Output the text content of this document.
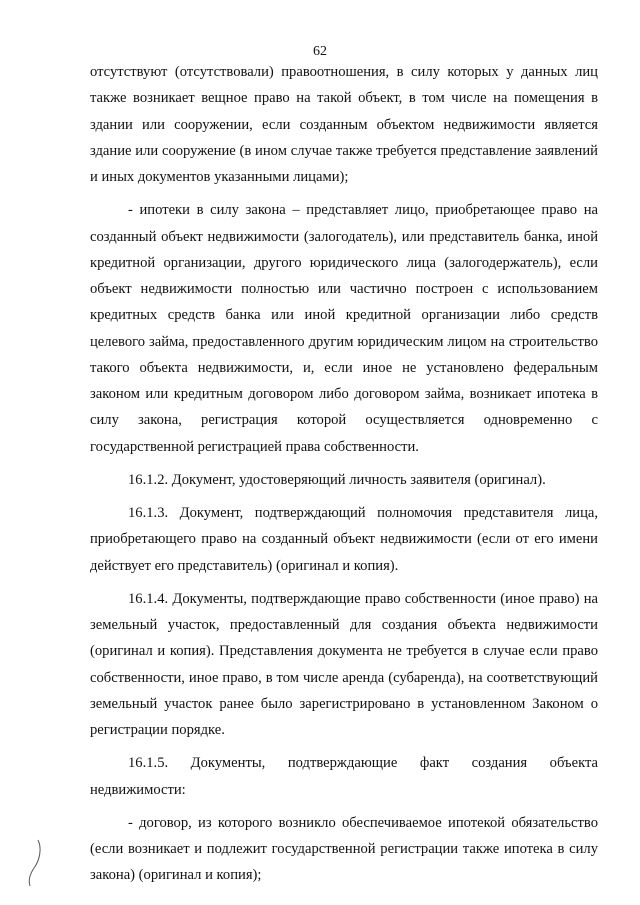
62

отсутствуют (отсутствовали) правоотношения, в силу которых у данных лиц также возникает вещное право на такой объект, в том числе на помещения в здании или сооружении, если созданным объектом недвижимости является здание или сооружение (в ином случае также требуется представление заявлений и иных документов указанными лицами);

- ипотеки в силу закона – представляет лицо, приобретающее право на созданный объект недвижимости (залогодатель), или представитель банка, иной кредитной организации, другого юридического лица (залогодержатель), если объект недвижимости полностью или частично построен с использованием кредитных средств банка или иной кредитной организации либо средств целевого займа, предоставленного другим юридическим лицом на строительство такого объекта недвижимости, и, если иное не установлено федеральным законом или кредитным договором либо договором займа, возникает ипотека в силу закона, регистрация которой осуществляется одновременно с государственной регистрацией права собственности.

16.1.2. Документ, удостоверяющий личность заявителя (оригинал).

16.1.3. Документ, подтверждающий полномочия представителя лица, приобретающего право на созданный объект недвижимости (если от его имени действует его представитель) (оригинал и копия).

16.1.4. Документы, подтверждающие право собственности (иное право) на земельный участок, предоставленный для создания объекта недвижимости (оригинал и копия). Представления документа не требуется в случае если право собственности, иное право, в том числе аренда (субаренда), на соответствующий земельный участок ранее было зарегистрировано в установленном Законом о регистрации порядке.

16.1.5. Документы, подтверждающие факт создания объекта недвижимости:

- договор, из которого возникло обеспечиваемое ипотекой обязательство (если возникает и подлежит государственной регистрации также ипотека в силу закона) (оригинал и копия);
